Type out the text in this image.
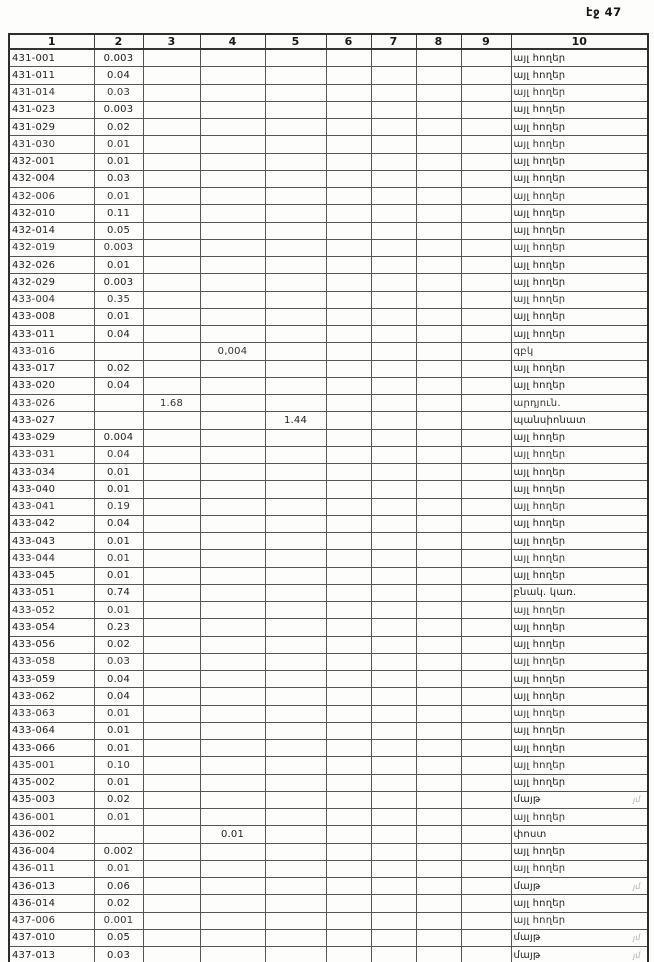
էջ 47
1	2	3	4	5	6	7	8	9	10
431-001	0.003								այլ հողեր
431-011	0.04								այլ հողեր
431-014	0.03								այլ հողեր
431-023	0.003								այլ հողեր
431-029	0.02								այլ հողեր
431-030	0.01								այլ հողեր
432-001	0.01								այլ հողեր
432-004	0.03								այլ հողեր
432-006	0.01								այլ հողեր
432-010	0.11								այլ հողեր
432-014	0.05								այլ հողեր
432-019	0.003								այլ հողեր
432-026	0.01								այլ հողեր
432-029	0.003								այլ հողեր
433-004	0.35								այլ հողեր
433-008	0.01								այլ հողեր
433-011	0.04								այլ հողեր
433-016			0,004						գբկ
433-017	0.02								այլ հողեր
433-020	0.04								այլ հողեր
433-026		1.68							արդյուն.
433-027				1.44					պանսիոնատ
433-029	0.004								այլ հողեր
433-031	0.04								այլ հողեր
433-034	0.01								այլ հողեր
433-040	0.01								այլ հողեր
433-041	0.19								այլ հողեր
433-042	0.04								այլ հողեր
433-043	0.01								այլ հողեր
433-044	0.01								այլ հողեր
433-045	0.01								այլ հողեր
433-051	0.74								բնակ. կառ.
433-052	0.01								այլ հողեր
433-054	0.23								այլ հողեր
433-056	0.02								այլ հողեր
433-058	0.03								այլ հողեր
433-059	0.04								այլ հողեր
433-062	0.04								այլ հողեր
433-063	0.01								այլ հողեր
433-064	0.01								այլ հողեր
433-066	0.01								այլ հողեր
435-001	0.10								այլ հողեր
435-002	0.01								այլ հողեր
435-003	0.02								մայթ
436-001	0.01								այլ հողեր
436-002			0.01						փոստ
436-004	0.002								այլ հողեր
436-011	0.01								այլ հողեր
436-013	0.06								մայթ
436-014	0.02								այլ հողեր
437-006	0.001								այլ հողեր
437-010	0.05								մայթ
437-013	0.03								մայթ
յմ
յմ
յմ
յմ
